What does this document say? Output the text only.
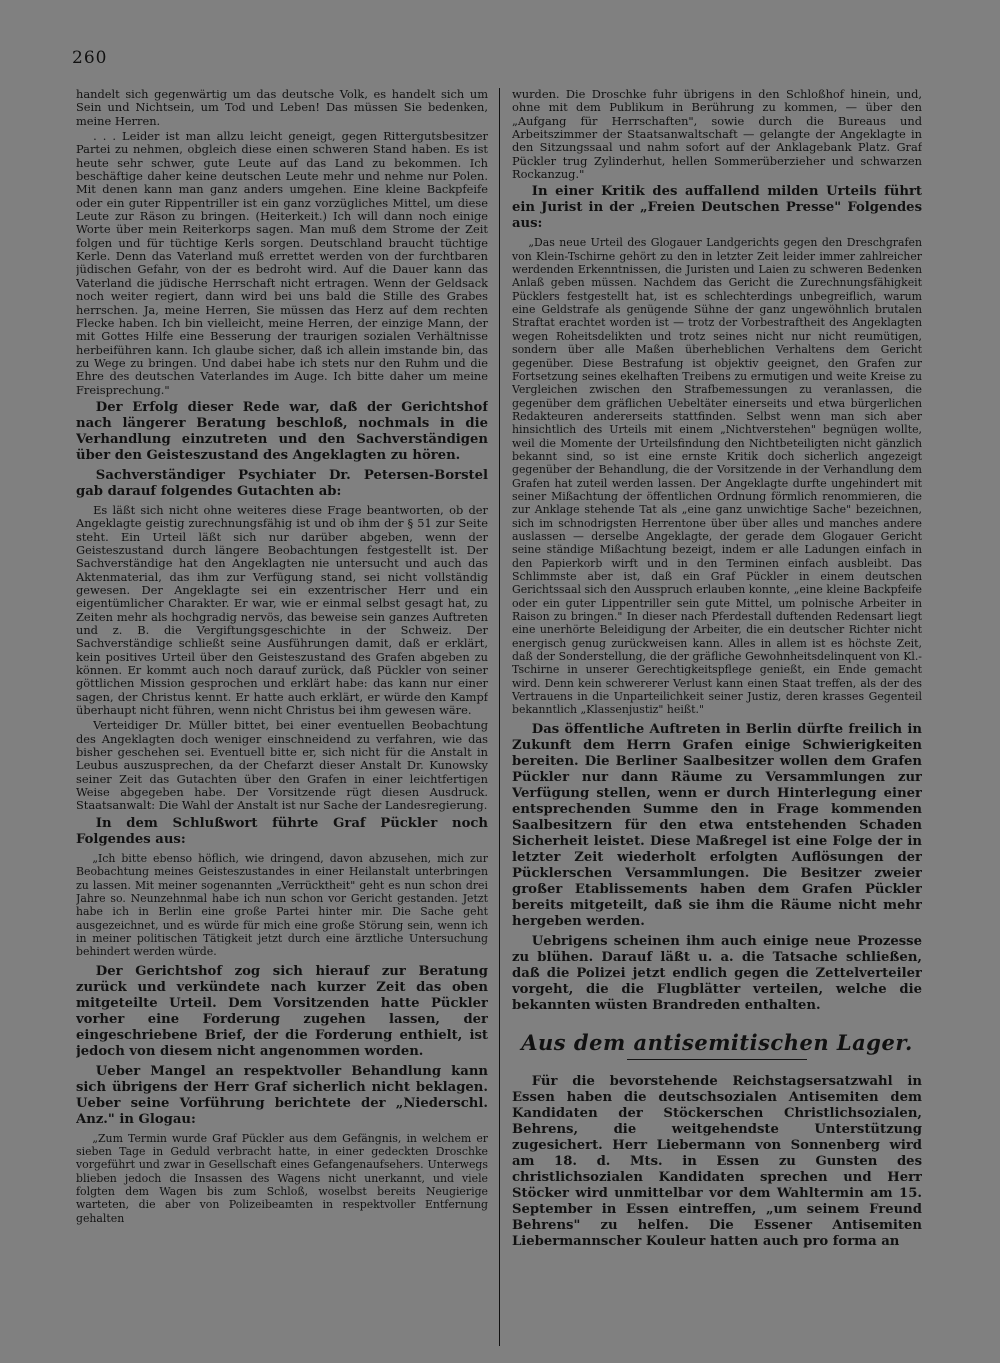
260

handelt sich gegenwärtig um das deutsche Volk, es handelt sich um Sein und Nichtsein, um Tod und Leben! Das müssen Sie bedenken, meine Herren.

. . . Leider ist man allzu leicht geneigt, gegen Rittergutsbesitzer Partei zu nehmen, obgleich diese einen schweren Stand haben. Es ist heute sehr schwer, gute Leute auf das Land zu bekommen. Ich beschäftige daher keine deutschen Leute mehr und nehme nur Polen. Mit denen kann man ganz anders umgehen. Eine kleine Backpfeife oder ein guter Rippentriller ist ein ganz vorzügliches Mittel, um diese Leute zur Räson zu bringen. (Heiterkeit.) Ich will dann noch einige Worte über mein Reiterkorps sagen. Man muß dem Strome der Zeit folgen und für tüchtige Kerls sorgen. Deutschland braucht tüchtige Kerle. Denn das Vaterland muß errettet werden von der furchtbaren jüdischen Gefahr, von der es bedroht wird. Auf die Dauer kann das Vaterland die jüdische Herrschaft nicht ertragen. Wenn der Geldsack noch weiter regiert, dann wird bei uns bald die Stille des Grabes herrschen. Ja, meine Herren, Sie müssen das Herz auf dem rechten Flecke haben. Ich bin vielleicht, meine Herren, der einzige Mann, der mit Gottes Hilfe eine Besserung der traurigen sozialen Verhältnisse herbeiführen kann. Ich glaube sicher, daß ich allein imstande bin, das zu Wege zu bringen. Und dabei habe ich stets nur den Ruhm und die Ehre des deutschen Vaterlandes im Auge. Ich bitte daher um meine Freisprechung."

Der Erfolg dieser Rede war, daß der Gerichtshof nach längerer Beratung beschloß, nochmals in die Verhandlung einzutreten und den Sachverständigen über den Geisteszustand des Angeklagten zu hören.

Sachverständiger Psychiater Dr. Petersen-Borstel gab darauf folgendes Gutachten ab:

Es läßt sich nicht ohne weiteres diese Frage beantworten, ob der Angeklagte geistig zurechnungsfähig ist und ob ihm der § 51 zur Seite steht. Ein Urteil läßt sich nur darüber abgeben, wenn der Geisteszustand durch längere Beobachtungen festgestellt ist. Der Sachverständige hat den Angeklagten nie untersucht und auch das Aktenmaterial, das ihm zur Verfügung stand, sei nicht vollständig gewesen. Der Angeklagte sei ein exzentrischer Herr und ein eigentümlicher Charakter. Er war, wie er einmal selbst gesagt hat, zu Zeiten mehr als hochgradig nervös, das beweise sein ganzes Auftreten und z. B. die Vergiftungsgeschichte in der Schweiz. Der Sachverständige schließt seine Ausführungen damit, daß er erklärt, kein positives Urteil über den Geisteszustand des Grafen abgeben zu können. Er kommt auch noch darauf zurück, daß Pückler von seiner göttlichen Mission gesprochen und erklärt habe: das kann nur einer sagen, der Christus kennt. Er hatte auch erklärt, er würde den Kampf überhaupt nicht führen, wenn nicht Christus bei ihm gewesen wäre.

Verteidiger Dr. Müller bittet, bei einer eventuellen Beobachtung des Angeklagten doch weniger einschneidend zu verfahren, wie das bisher geschehen sei. Eventuell bitte er, sich nicht für die Anstalt in Leubus auszusprechen, da der Chefarzt dieser Anstalt Dr. Kunowsky seiner Zeit das Gutachten über den Grafen in einer leichtfertigen Weise abgegeben habe. Der Vorsitzende rügt diesen Ausdruck. Staatsanwalt: Die Wahl der Anstalt ist nur Sache der Landesregierung.

In dem Schlußwort führte Graf Pückler noch Folgendes aus:

„Ich bitte ebenso höflich, wie dringend, davon abzusehen, mich zur Beobachtung meines Geisteszustandes in einer Heilanstalt unterbringen zu lassen. Mit meiner sogenannten „Verrücktheit" geht es nun schon drei Jahre so. Neunzehnmal habe ich nun schon vor Gericht gestanden. Jetzt habe ich in Berlin eine große Partei hinter mir. Die Sache geht ausgezeichnet, und es würde für mich eine große Störung sein, wenn ich in meiner politischen Tätigkeit jetzt durch eine ärztliche Untersuchung behindert werden würde.

Der Gerichtshof zog sich hierauf zur Beratung zurück und verkündete nach kurzer Zeit das oben mitgeteilte Urteil. Dem Vorsitzenden hatte Pückler vorher eine Forderung zugehen lassen, der eingeschriebene Brief, der die Forderung enthielt, ist jedoch von diesem nicht angenommen worden.

Ueber Mangel an respektvoller Behandlung kann sich übrigens der Herr Graf sicherlich nicht beklagen. Ueber seine Vorführung berichtete der „Niederschl. Anz." in Glogau:

„Zum Termin wurde Graf Pückler aus dem Gefängnis, in welchem er sieben Tage in Geduld verbracht hatte, in einer gedeckten Droschke vorgeführt und zwar in Gesellschaft eines Gefangenaufsehers. Unterwegs blieben jedoch die Insassen des Wagens nicht unerkannt, und viele folgten dem Wagen bis zum Schloß, woselbst bereits Neugierige warteten, die aber von Polizeibeamten in respektvoller Entfernung gehalten

wurden. Die Droschke fuhr übrigens in den Schloßhof hinein, und, ohne mit dem Publikum in Berührung zu kommen, — über den „Aufgang für Herrschaften", sowie durch die Bureaus und Arbeitszimmer der Staatsanwaltschaft — gelangte der Angeklagte in den Sitzungssaal und nahm sofort auf der Anklagebank Platz. Graf Pückler trug Zylinderhut, hellen Sommerüberzieher und schwarzen Rockanzug."

In einer Kritik des auffallend milden Urteils führt ein Jurist in der „Freien Deutschen Presse" Folgendes aus:

„Das neue Urteil des Glogauer Landgerichts gegen den Dreschgrafen von Klein-Tschirne gehört zu den in letzter Zeit leider immer zahlreicher werdenden Erkenntnissen, die Juristen und Laien zu schweren Bedenken Anlaß geben müssen. Nachdem das Gericht die Zurechnungsfähigkeit Pücklers festgestellt hat, ist es schlechterdings unbegreiflich, warum eine Geldstrafe als genügende Sühne der ganz ungewöhnlich brutalen Straftat erachtet worden ist — trotz der Vorbestraftheit des Angeklagten wegen Roheitsdelikten und trotz seines nicht nur nicht reumütigen, sondern über alle Maßen überheblichen Verhaltens dem Gericht gegenüber. Diese Bestrafung ist objektiv geeignet, den Grafen zur Fortsetzung seines ekelhaften Treibens zu ermutigen und weite Kreise zu Vergleichen zwischen den Strafbemessungen zu veranlassen, die gegenüber dem gräflichen Uebeltäter einerseits und etwa bürgerlichen Redakteuren andererseits stattfinden. Selbst wenn man sich aber hinsichtlich des Urteils mit einem „Nichtverstehen" begnügen wollte, weil die Momente der Urteilsfindung den Nichtbeteiligten nicht gänzlich bekannt sind, so ist eine ernste Kritik doch sicherlich angezeigt gegenüber der Behandlung, die der Vorsitzende in der Verhandlung dem Grafen hat zuteil werden lassen. Der Angeklagte durfte ungehindert mit seiner Mißachtung der öffentlichen Ordnung förmlich renommieren, die zur Anklage stehende Tat als „eine ganz unwichtige Sache" bezeichnen, sich im schnodrigsten Herrentone über über alles und manches andere auslassen — derselbe Angeklagte, der gerade dem Glogauer Gericht seine ständige Mißachtung bezeigt, indem er alle Ladungen einfach in den Papierkorb wirft und in den Terminen einfach ausbleibt. Das Schlimmste aber ist, daß ein Graf Pückler in einem deutschen Gerichtssaal sich den Ausspruch erlauben konnte, „eine kleine Backpfeife oder ein guter Lippentriller sein gute Mittel, um polnische Arbeiter in Raison zu bringen." In dieser nach Pferdestall duftenden Redensart liegt eine unerhörte Beleidigung der Arbeiter, die ein deutscher Richter nicht energisch genug zurückweisen kann. Alles in allem ist es höchste Zeit, daß der Sonderstellung, die der gräfliche Gewohnheitsdelinquent von Kl.-Tschirne in unserer Gerechtigkeitspflege genießt, ein Ende gemacht wird. Denn kein schwererer Verlust kann einen Staat treffen, als der des Vertrauens in die Unparteilichkeit seiner Justiz, deren krasses Gegenteil bekanntlich „Klassenjustiz" heißt."

Das öffentliche Auftreten in Berlin dürfte freilich in Zukunft dem Herrn Grafen einige Schwierigkeiten bereiten. Die Berliner Saalbesitzer wollen dem Grafen Pückler nur dann Räume zu Versammlungen zur Verfügung stellen, wenn er durch Hinterlegung einer entsprechenden Summe den in Frage kommenden Saalbesitzern für den etwa entstehenden Schaden Sicherheit leistet. Diese Maßregel ist eine Folge der in letzter Zeit wiederholt erfolgten Auflösungen der Pücklerschen Versammlungen. Die Besitzer zweier großer Etablissements haben dem Grafen Pückler bereits mitgeteilt, daß sie ihm die Räume nicht mehr hergeben werden.

Uebrigens scheinen ihm auch einige neue Prozesse zu blühen. Darauf läßt u. a. die Tatsache schließen, daß die Polizei jetzt endlich gegen die Zettelverteiler vorgeht, die die Flugblätter verteilen, welche die bekannten wüsten Brandreden enthalten.

Aus dem antisemitischen Lager.

Für die bevorstehende Reichstagsersatzwahl in Essen haben die deutschsozialen Antisemiten dem Kandidaten der Stöckerschen Christlichsozialen, Behrens, die weitgehendste Unterstützung zugesichert. Herr Liebermann von Sonnenberg wird am 18. d. Mts. in Essen zu Gunsten des christlichsozialen Kandidaten sprechen und Herr Stöcker wird unmittelbar vor dem Wahltermin am 15. September in Essen eintreffen, „um seinem Freund Behrens" zu helfen. Die Essener Antisemiten Liebermannscher Kouleur hatten auch pro forma an
